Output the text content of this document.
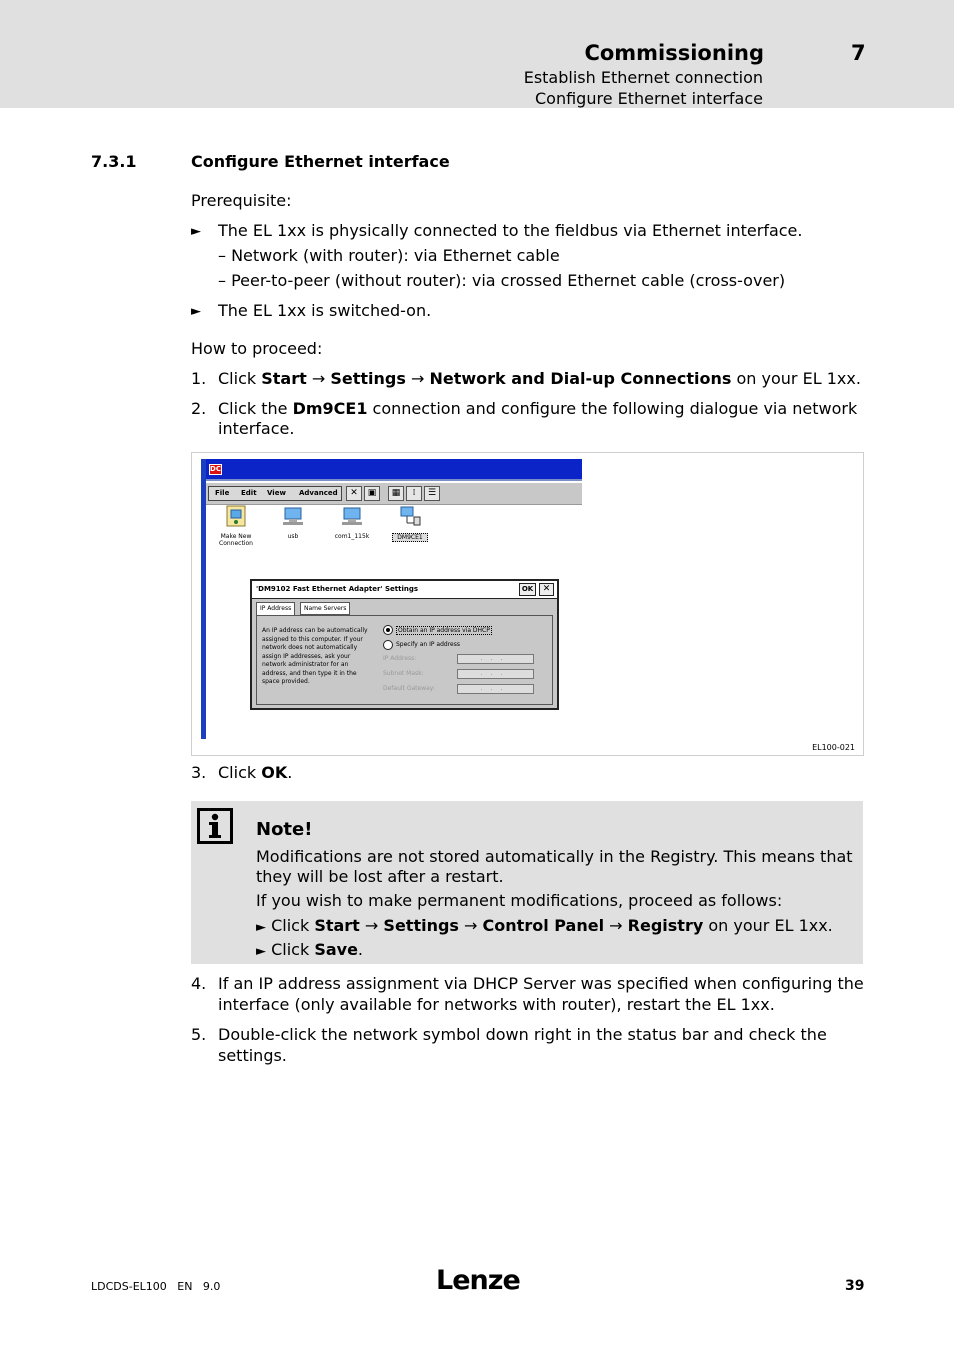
Commissioning	7
Establish Ethernet connection
Configure Ethernet interface
7.3.1	Configure Ethernet interface
Prerequisite:
► The EL 1xx is physically connected to the fieldbus via Ethernet interface.
– Network (with router): via Ethernet cable
– Peer-to-peer (without router): via crossed Ethernet cable (cross-over)
► The EL 1xx is switched-on.
How to proceed:
1. Click Start → Settings → Network and Dial-up Connections on your EL 1xx.
2. Click the Dm9CE1 connection and configure the following dialogue via network
interface.
DC
File Edit View Advanced	✕	▣	▦	⁞	☰
Make New
Connection
usb	com1_115k	DM9CE1
'DM9102 Fast Ethernet Adapter' Settings	OK	✕
IP Address	Name Servers
An IP address can be automatically
assigned to this computer. If your
network does not automatically
assign IP addresses, ask your
network administrator for an
address, and then type it in the
space provided.
Obtain an IP address via DHCP
Specify an IP address
IP Address:	...
Subnet Mask:	...
Default Gateway:	...
EL100-021
3. Click OK.
Note!
Modifications are not stored automatically in the Registry. This means that
they will be lost after a restart.
If you wish to make permanent modifications, proceed as follows:
► Click Start → Settings → Control Panel → Registry on your EL 1xx.
► Click Save.
4. If an IP address assignment via DHCP Server was specified when configuring the
interface (only available for networks with router), restart the EL 1xx.
5. Double-click the network symbol down right in the status bar and check the
settings.
LDCDS-EL100   EN   9.0	Lenze	39
